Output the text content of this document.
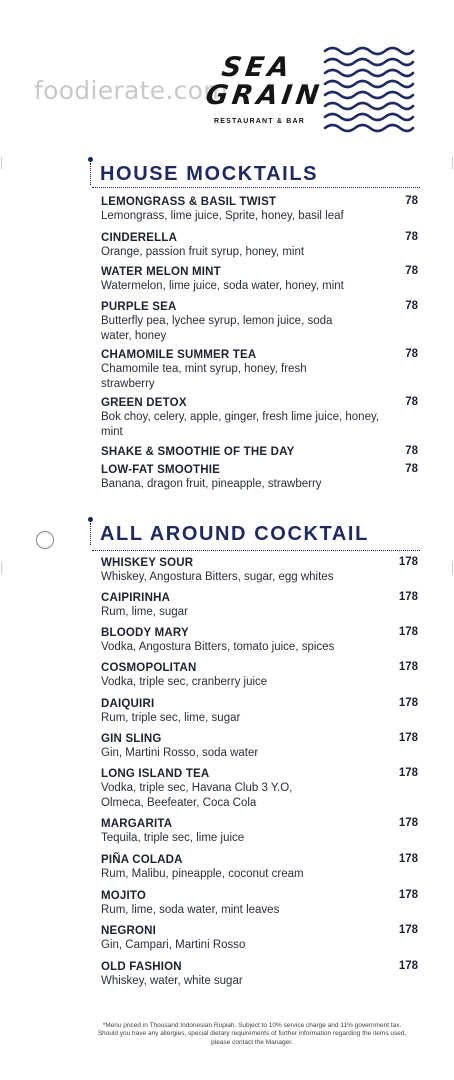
foodierate.com
SEA
GRAIN
RESTAURANT & BAR
HOUSE MOCKTAILS
LEMONGRASS & BASIL TWIST
Lemongrass, lime juice, Sprite, honey, basil leaf
78
CINDERELLA
Orange, passion fruit syrup, honey, mint
78
WATER MELON MINT
Watermelon, lime juice, soda water, honey, mint
78
PURPLE SEA
Butterfly pea, lychee syrup, lemon juice, soda water, honey
78
CHAMOMILE SUMMER TEA
Chamomile tea, mint syrup, honey, fresh strawberry
78
GREEN DETOX
Bok choy, celery, apple, ginger, fresh lime juice, honey, mint
78
SHAKE & SMOOTHIE OF THE DAY	78
LOW-FAT SMOOTHIE
Banana, dragon fruit, pineapple, strawberry
78
ALL AROUND COCKTAIL
WHISKEY SOUR
Whiskey, Angostura Bitters, sugar, egg whites
178
CAIPIRINHA
Rum, lime, sugar
178
BLOODY MARY
Vodka, Angostura Bitters, tomato juice, spices
178
COSMOPOLITAN
Vodka, triple sec, cranberry juice
178
DAIQUIRI
Rum, triple sec, lime, sugar
178
GIN SLING
Gin, Martini Rosso, soda water
178
LONG ISLAND TEA
Vodka, triple sec, Havana Club 3 Y.O, Olmeca, Beefeater, Coca Cola
178
MARGARITA
Tequila, triple sec, lime juice
178
PIÑA COLADA
Rum, Malibu, pineapple, coconut cream
178
MOJITO
Rum, lime, soda water, mint leaves
178
NEGRONI
Gin, Campari, Martini Rosso
178
OLD FASHION
Whiskey, water, white sugar
178
*Menu priced in Thousand Indonesian Rupiah. Subject to 10% service charge and 11% government tax. Should you have any allergies, special dietary requirements of further information regarding the items used, please contact the Manager.
